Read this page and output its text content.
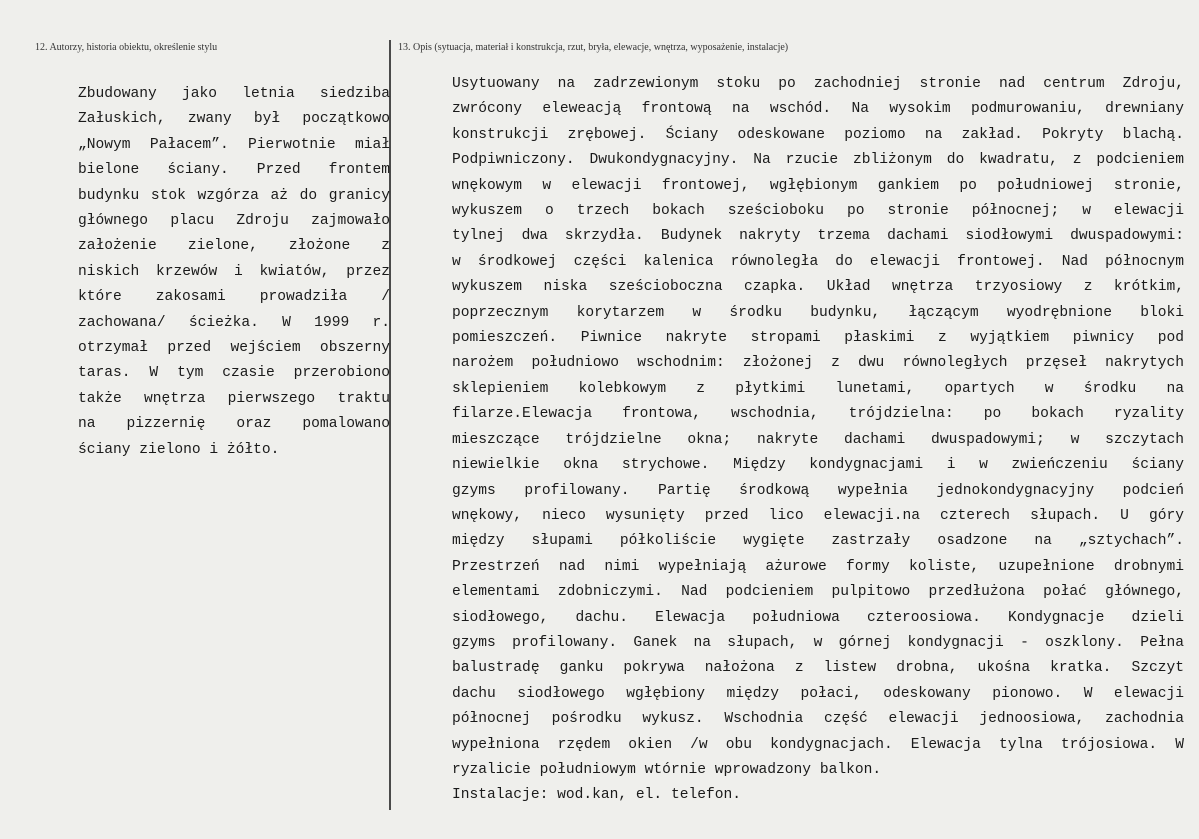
12. Autorzy, historia obiektu, określenie stylu	13. Opis (sytuacja, materiał i konstrukcja, rzut, bryła, elewacje, wnętrza, wyposażenie, instalacje)
Zbudowany jako letnia siedziba
Załuskich, zwany był początkowo
„Nowym Pałacem”. Pierwotnie miał
bielone ściany. Przed frontem
budynku stok wzgórza aż do granicy
głównego placu Zdroju zajmowało
założenie zielone, złożone z
niskich krzewów i kwiatów, przez
które zakosami prowadziła /
zachowana/ ścieżka. W 1999 r.
otrzymał przed wejściem obszerny
taras. W tym czasie przerobiono
także wnętrza pierwszego traktu
na pizzernię oraz pomalowano
ściany zielono i żółto.
Usytuowany na zadrzewionym stoku po zachodniej stronie nad centrum Zdroju,
zwrócony eleweacją frontową na wschód. Na wysokim podmurowaniu, drewniany
konstrukcji zrębowej. Ściany odeskowane poziomo na zakład. Pokryty blachą.
Podpiwniczony. Dwukondygnacyjny. Na rzucie zbliżonym do kwadratu, z podcieniem
wnękowym w elewacji frontowej, wgłębionym gankiem po południowej stronie,
wykuszem o trzech bokach sześcioboku po stronie północnej; w elewacji
tylnej dwa skrzydła. Budynek nakryty trzema dachami siodłowymi dwuspadowymi:
w środkowej części kalenica równoległa do elewacji frontowej. Nad północnym
wykuszem niska sześcioboczna czapka. Układ wnętrza trzyosiowy z krótkim,
poprzecznym korytarzem w środku budynku, łączącym wyodrębnione bloki
pomieszczeń. Piwnice nakryte stropami płaskimi z wyjątkiem piwnicy pod
narożem południowo wschodnim: złożonej z dwu równoległych przęseł nakrytych
sklepieniem kolebkowym z płytkimi lunetami, opartych w środku na
filarze.Elewacja frontowa, wschodnia, trójdzielna: po bokach ryzality
mieszczące trójdzielne okna; nakryte dachami dwuspadowymi; w szczytach
niewielkie okna strychowe. Między kondygnacjami i w zwieńczeniu ściany
gzyms profilowany. Partię środkową wypełnia jednokondygnacyjny podcień
wnękowy, nieco wysunięty przed lico elewacji.na czterech słupach. U góry
między słupami półkoliście wygięte zastrzały osadzone na „sztychach”.
Przestrzeń nad nimi wypełniają ażurowe formy koliste, uzupełnione drobnymi
elementami zdobniczymi. Nad podcieniem pulpitowo przedłużona połać głównego,
siodłowego, dachu. Elewacja południowa czteroosiowa. Kondygnacje dzieli
gzyms profilowany. Ganek na słupach, w górnej kondygnacji - oszklony. Pełna
balustradę ganku pokrywa nałożona z listew drobna, ukośna kratka. Szczyt
dachu siodłowego wgłębiony między połaci, odeskowany pionowo. W elewacji
północnej pośrodku wykusz. Wschodnia część elewacji jednoosiowa, zachodnia
wypełniona rzędem okien /w obu kondygnacjach. Elewacja tylna trójosiowa. W
ryzalicie południowym wtórnie wprowadzony balkon.
Instalacje: wod.kan, el. telefon.
